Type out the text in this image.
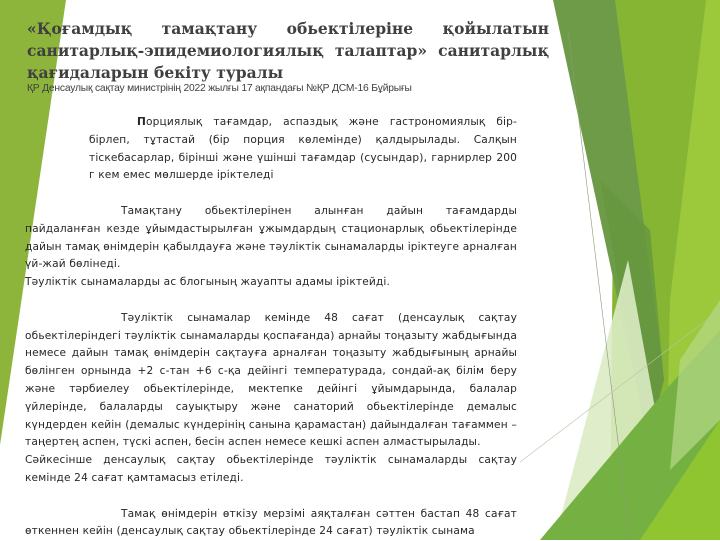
«Қоғамдық тамақтану обьектілеріне қойылатын санитарлық-эпидемиологиялық талаптар» санитарлық қағидаларын бекіту туралы
ҚР Денсаулық сақтау министрінің 2022 жылғы 17 ақпандағы №ҚР ДСМ-16 Бұйрығы

Порциялық тағамдар, аспаздық және гастрономиялық бір-бірлеп, тұтастай (бір порция көлемінде) қалдырылады. Салқын тіскебасарлар, бірінші және үшінші тағамдар (сусындар), гарнирлер 200 г кем емес мөлшерде іріктеледі

Тамақтану обьектілерінен алынған дайын тағамдарды пайдаланған кезде ұйымдастырылған ұжымдардың стационарлық обьектілерінде дайын тамақ өнімдерін қабылдауға және тәуліктік сынамаларды іріктеуге арналған үй-жай бөлінеді.

Тәуліктік сынамаларды ас блогының жауапты адамы іріктейді.

Тәуліктік сынамалар кемінде 48 сағат (денсаулық сақтау обьектілеріндегі тәуліктік сынамаларды қоспағанда) арнайы тоңазыту жабдығында немесе дайын тамақ өнімдерін сақтауға арналған тоңазыту жабдығының арнайы бөлінген орнында +2 с-тан +6 с-қа дейінгі температурада, сондай-ақ білім беру және тәрбиелеу обьектілерінде, мектепке дейінгі ұйымдарында, балалар үйлерінде, балаларды сауықтыру және санаторий обьектілерінде демалыс күндерден кейін (демалыс күндерінің санына қарамастан) дайындалған тағаммен – таңертең аспен, түскі аспен, бесін аспен немесе кешкі аспен алмастырылады.

Сәйкесінше денсаулық сақтау обьектілерінде тәуліктік сынамаларды сақтау кемінде 24 сағат қамтамасыз етіледі.

Тамақ өнімдерін өткізу мерзімі аяқталған сәттен бастап 48 сағат өткеннен кейін (денсаулық сақтау обьектілерінде 24 сағат) тәуліктік сынама
